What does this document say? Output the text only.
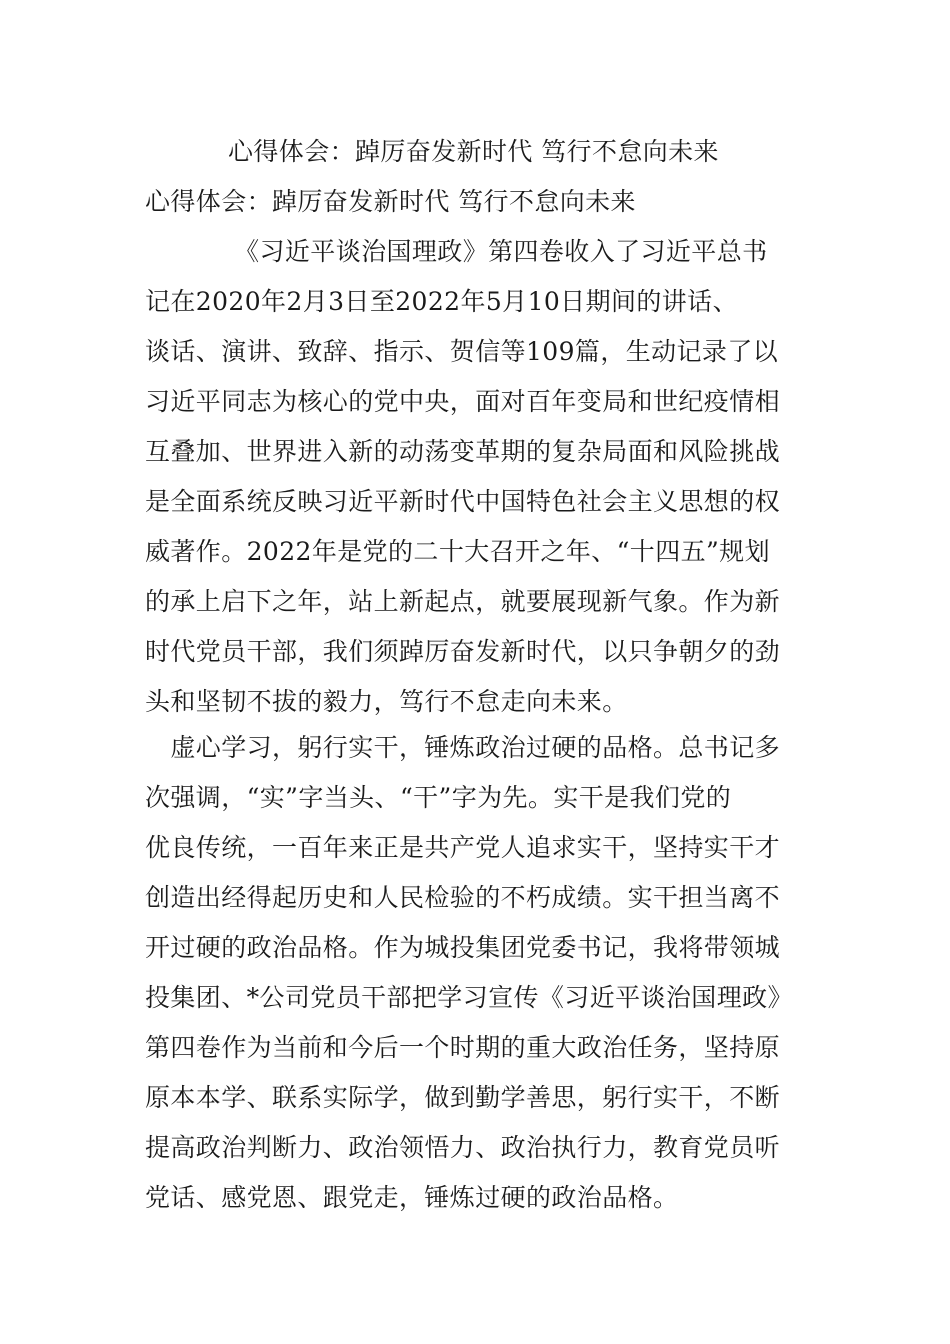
心得体会：踔厉奋发新时代 笃行不怠向未来
心得体会：踔厉奋发新时代 笃行不怠向未来
　　　　《习近平谈治国理政》第四卷收入了习近平总书
记在2020年2月3日至2022年5月10日期间的讲话、
谈话、演讲、致辞、指示、贺信等109篇，生动记录了以
习近平同志为核心的党中央，面对百年变局和世纪疫情相
互叠加、世界进入新的动荡变革期的复杂局面和风险挑战
是全面系统反映习近平新时代中国特色社会主义思想的权
威著作。2022年是党的二十大召开之年、“十四五”规划
的承上启下之年，站上新起点，就要展现新气象。作为新
时代党员干部，我们须踔厉奋发新时代，以只争朝夕的劲
头和坚韧不拔的毅力，笃行不怠走向未来。
　虚心学习，躬行实干，锤炼政治过硬的品格。总书记多
次强调，“实”字当头、“干”字为先。实干是我们党的
优良传统，一百年来正是共产党人追求实干，坚持实干才
创造出经得起历史和人民检验的不朽成绩。实干担当离不
开过硬的政治品格。作为城投集团党委书记，我将带领城
投集团、*公司党员干部把学习宣传《习近平谈治国理政》
第四卷作为当前和今后一个时期的重大政治任务，坚持原
原本本学、联系实际学，做到勤学善思，躬行实干，不断
提高政治判断力、政治领悟力、政治执行力，教育党员听
党话、感党恩、跟党走，锤炼过硬的政治品格。
